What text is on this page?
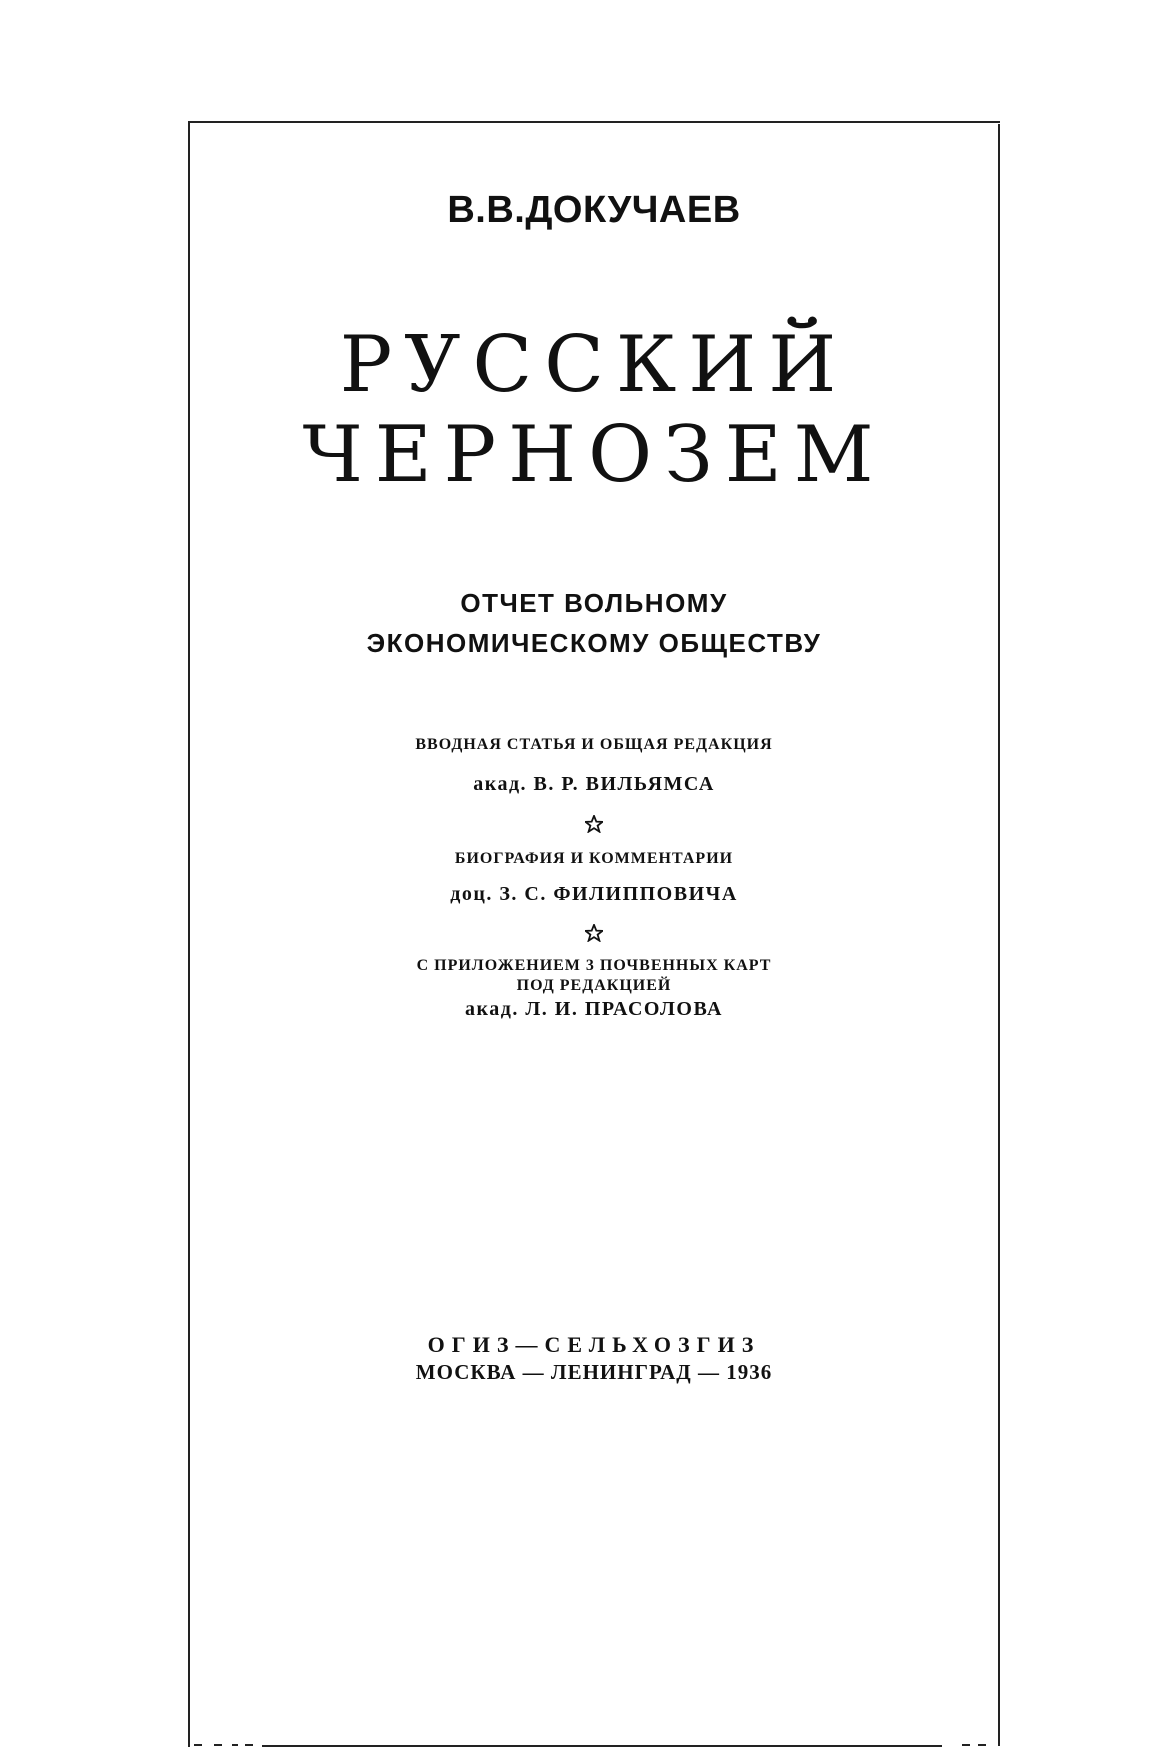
В.В.ДОКУЧАЕВ
РУССКИЙ
ЧЕРНОЗЕМ
ОТЧЕТ ВОЛЬНОМУ
ЭКОНОМИЧЕСКОМУ ОБЩЕСТВУ
ВВОДНАЯ СТАТЬЯ И ОБЩАЯ РЕДАКЦИЯ
акад. В. Р. ВИЛЬЯМСА
БИОГРАФИЯ И КОММЕНТАРИИ
доц. З. С. ФИЛИППОВИЧА
С ПРИЛОЖЕНИЕМ 3 ПОЧВЕННЫХ КАРТ
ПОД РЕДАКЦИЕЙ
акад. Л. И. ПРАСОЛОВА
ОГИЗ—СЕЛЬХОЗГИЗ
МОСКВА — ЛЕНИНГРАД — 1936
